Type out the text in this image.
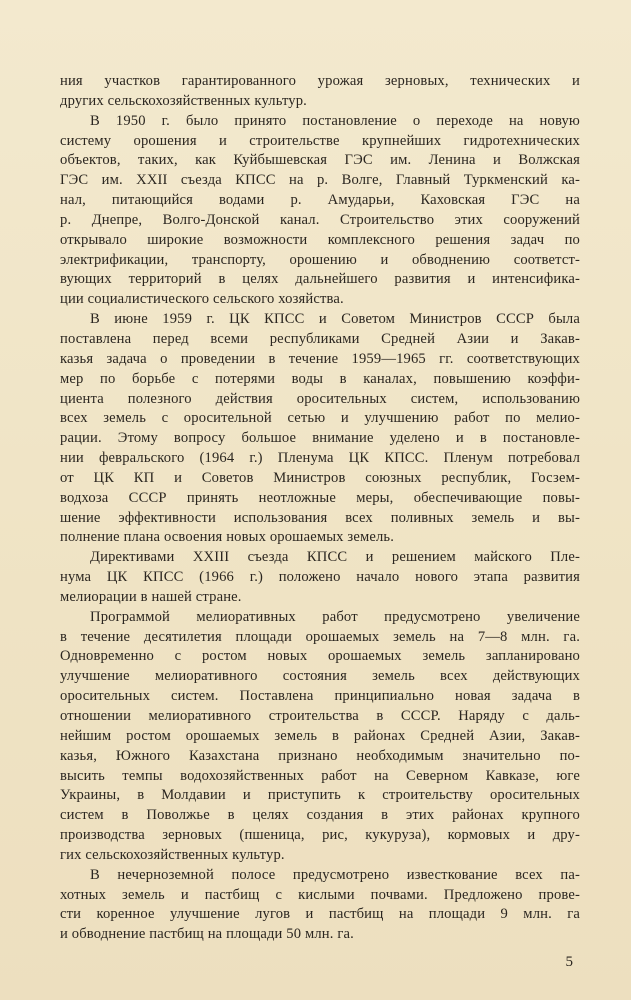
ния участков гарантированного урожая зерновых, технических и
других сельскохозяйственных культур.
В 1950 г. было принято постановление о переходе на новую
систему орошения и строительстве крупнейших гидротехнических
объектов, таких, как Куйбышевская ГЭС им. Ленина и Волжская
ГЭС им. XXII съезда КПСС на р. Волге, Главный Туркменский ка-
нал, питающийся водами р. Амударьи, Каховская ГЭС на
р. Днепре, Волго-Донской канал. Строительство этих сооружений
открывало широкие возможности комплексного решения задач по
электрификации, транспорту, орошению и обводнению соответст-
вующих территорий в целях дальнейшего развития и интенсифика-
ции социалистического сельского хозяйства.
В июне 1959 г. ЦК КПСС и Советом Министров СССР была
поставлена перед всеми республиками Средней Азии и Закав-
казья задача о проведении в течение 1959—1965 гг. соответствующих
мер по борьбе с потерями воды в каналах, повышению коэффи-
циента полезного действия оросительных систем, использованию
всех земель с оросительной сетью и улучшению работ по мелио-
рации. Этому вопросу большое внимание уделено и в постановле-
нии февральского (1964 г.) Пленума ЦК КПСС. Пленум потребовал
от ЦК КП и Советов Министров союзных республик, Госзем-
водхоза СССР принять неотложные меры, обеспечивающие повы-
шение эффективности использования всех поливных земель и вы-
полнение плана освоения новых орошаемых земель.
Директивами XXIII съезда КПСС и решением майского Пле-
нума ЦК КПСС (1966 г.) положено начало нового этапа развития
мелиорации в нашей стране.
Программой мелиоративных работ предусмотрено увеличение
в течение десятилетия площади орошаемых земель на 7—8 млн. га.
Одновременно с ростом новых орошаемых земель запланировано
улучшение мелиоративного состояния земель всех действующих
оросительных систем. Поставлена принципиально новая задача в
отношении мелиоративного строительства в СССР. Наряду с даль-
нейшим ростом орошаемых земель в районах Средней Азии, Закав-
казья, Южного Казахстана признано необходимым значительно по-
высить темпы водохозяйственных работ на Северном Кавказе, юге
Украины, в Молдавии и приступить к строительству оросительных
систем в Поволжье в целях создания в этих районах крупного
производства зерновых (пшеница, рис, кукуруза), кормовых и дру-
гих сельскохозяйственных культур.
В нечерноземной полосе предусмотрено известкование всех па-
хотных земель и пастбищ с кислыми почвами. Предложено прове-
сти коренное улучшение лугов и пастбищ на площади 9 млн. га
и обводнение пастбищ на площади 50 млн. га.
5
